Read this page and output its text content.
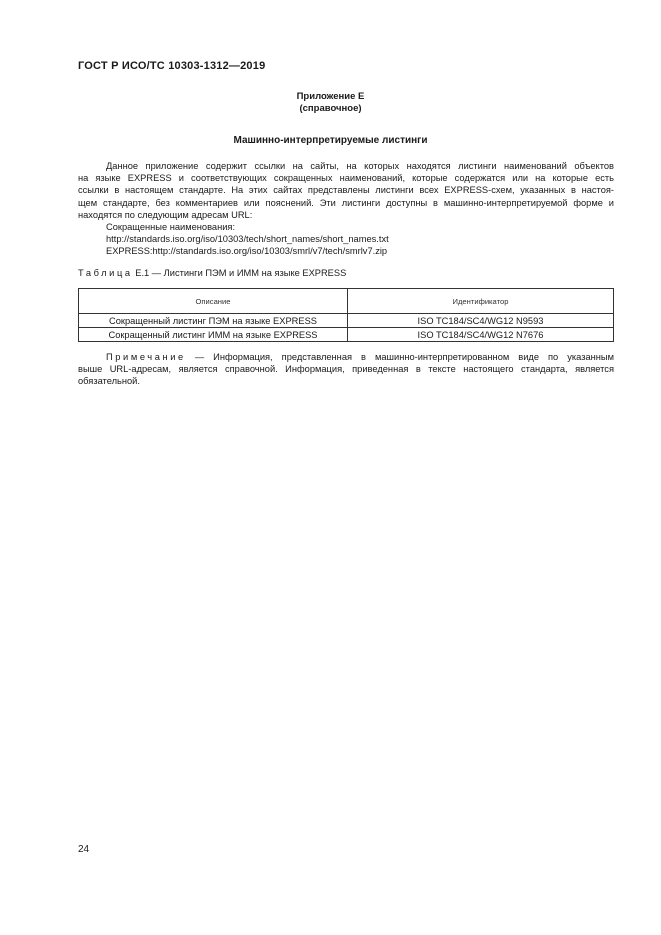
ГОСТ Р ИСО/ТС 10303-1312—2019
Приложение Е
(справочное)
Машинно-интерпретируемые листинги
Данное приложение содержит ссылки на сайты, на которых находятся листинги наименований объектов
на языке EXPRESS и соответствующих сокращенных наименований, которые содержатся или на которые есть
ссылки в настоящем стандарте. На этих сайтах представлены листинги всех EXPRESS-схем, указанных в настоя-
щем стандарте, без комментариев или пояснений. Эти листинги доступны в машинно-интерпретируемой форме и
находятся по следующим адресам URL:
Сокращенные наименования:
http://standards.iso.org/iso/10303/tech/short_names/short_names.txt
EXPRESS:http://standards.iso.org/iso/10303/smrl/v7/tech/smrlv7.zip
Таблица Е.1 — Листинги ПЭМ и ИММ на языке EXPRESS
Описание	Идентификатор
Сокращенный листинг ПЭМ на языке EXPRESS	ISO TC184/SC4/WG12 N9593
Сокращенный листинг ИММ на языке EXPRESS	ISO TC184/SC4/WG12 N7676
Примечание — Информация, представленная в машинно-интерпретированном виде по указанным
выше URL-адресам, является справочной. Информация, приведенная в тексте настоящего стандарта, является
обязательной.
24
